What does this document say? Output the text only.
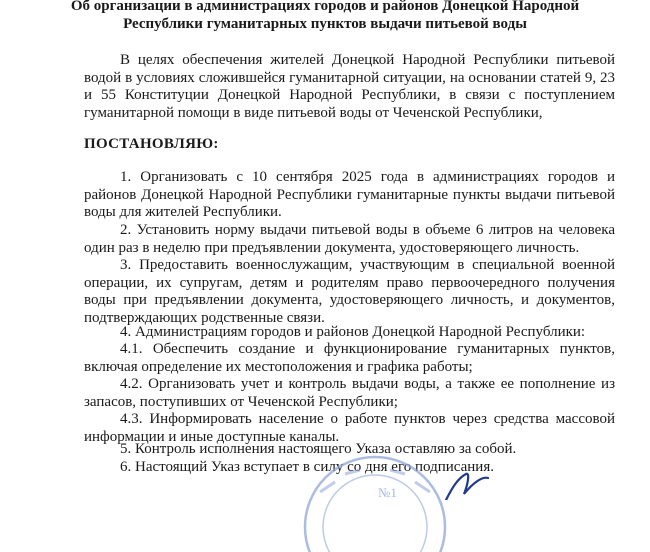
Об организации в администрациях городов и районов Донецкой Народной Республики гуманитарных пунктов выдачи питьевой воды
В целях обеспечения жителей Донецкой Народной Республики питьевой водой в условиях сложившейся гуманитарной ситуации, на основании статей 9, 23 и 55 Конституции Донецкой Народной Республики, в связи с поступлением гуманитарной помощи в виде питьевой воды от Чеченской Республики,
ПОСТАНОВЛЯЮ:
1. Организовать с 10 сентября 2025 года в администрациях городов и районов Донецкой Народной Республики гуманитарные пункты выдачи питьевой воды для жителей Республики.
2. Установить норму выдачи питьевой воды в объеме 6 литров на человека один раз в неделю при предъявлении документа, удостоверяющего личность.
3. Предоставить военнослужащим, участвующим в специальной военной операции, их супругам, детям и родителям право первоочередного получения воды при предъявлении документа, удостоверяющего личность, и документов, подтверждающих родственные связи.
4. Администрациям городов и районов Донецкой Народной Республики:
4.1. Обеспечить создание и функционирование гуманитарных пунктов, включая определение их местоположения и графика работы;
4.2. Организовать учет и контроль выдачи воды, а также ее пополнение из запасов, поступивших от Чеченской Республики;
4.3. Информировать население о работе пунктов через средства массовой информации и иные доступные каналы.
5. Контроль исполнения настоящего Указа оставляю за собой.
6. Настоящий Указ вступает в силу со дня его подписания.
№1
